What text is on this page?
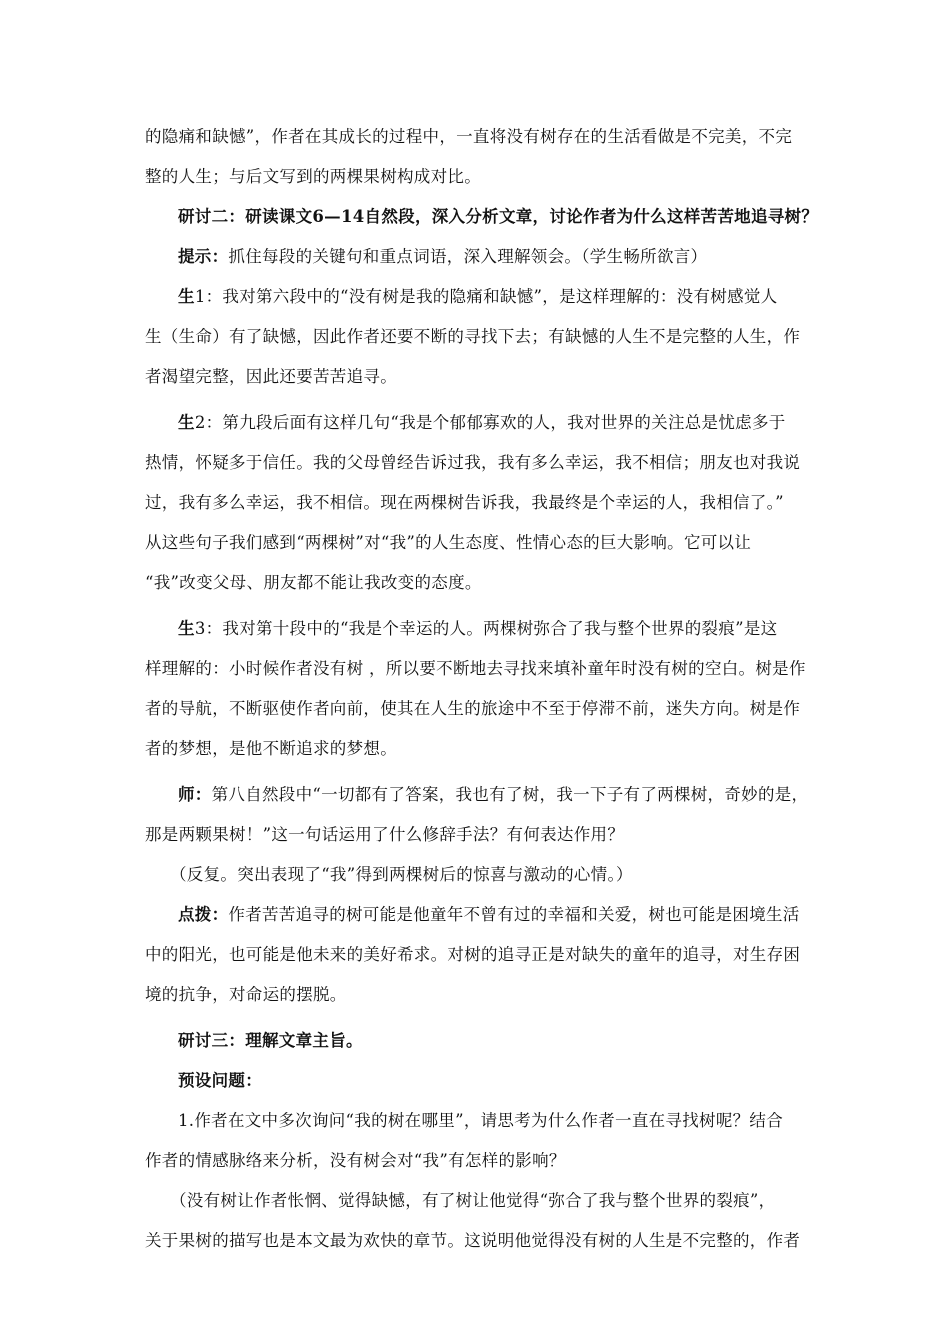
的隐痛和缺憾”，作者在其成长的过程中，一直将没有树存在的生活看做是不完美，不完
整的人生；与后文写到的两棵果树构成对比。
研讨二：研读课文6—14自然段，深入分析文章，讨论作者为什么这样苦苦地追寻树？
提示：抓住每段的关键句和重点词语，深入理解领会。（学生畅所欲言）
生1：我对第六段中的“没有树是我的隐痛和缺憾”，是这样理解的：没有树感觉人
生（生命）有了缺憾，因此作者还要不断的寻找下去；有缺憾的人生不是完整的人生，作
者渴望完整，因此还要苦苦追寻。
生2：第九段后面有这样几句“我是个郁郁寡欢的人，我对世界的关注总是忧虑多于
热情，怀疑多于信任。我的父母曾经告诉过我，我有多么幸运，我不相信；朋友也对我说
过，我有多么幸运，我不相信。现在两棵树告诉我，我最终是个幸运的人，我相信了。”
从这些句子我们感到“两棵树”对“我”的人生态度、性情心态的巨大影响。它可以让
“我”改变父母、朋友都不能让我改变的态度。
生3：我对第十段中的“我是个幸运的人。两棵树弥合了我与整个世界的裂痕”是这
样理解的：小时候作者没有树 ，所以要不断地去寻找来填补童年时没有树的空白。树是作
者的导航，不断驱使作者向前，使其在人生的旅途中不至于停滞不前，迷失方向。树是作
者的梦想，是他不断追求的梦想。
师：第八自然段中“一切都有了答案，我也有了树，我一下子有了两棵树，奇妙的是，
那是两颗果树！”这一句话运用了什么修辞手法？有何表达作用？
（反复。突出表现了“我”得到两棵树后的惊喜与激动的心情。）
点拨：作者苦苦追寻的树可能是他童年不曾有过的幸福和关爱，树也可能是困境生活
中的阳光，也可能是他未来的美好希求。对树的追寻正是对缺失的童年的追寻，对生存困
境的抗争，对命运的摆脱。
研讨三：理解文章主旨。
预设问题：
1.作者在文中多次询问“我的树在哪里”，请思考为什么作者一直在寻找树呢？结合
作者的情感脉络来分析，没有树会对“我”有怎样的影响？
（没有树让作者怅惘、觉得缺憾，有了树让他觉得“弥合了我与整个世界的裂痕”，
关于果树的描写也是本文最为欢快的章节。这说明他觉得没有树的人生是不完整的，作者
